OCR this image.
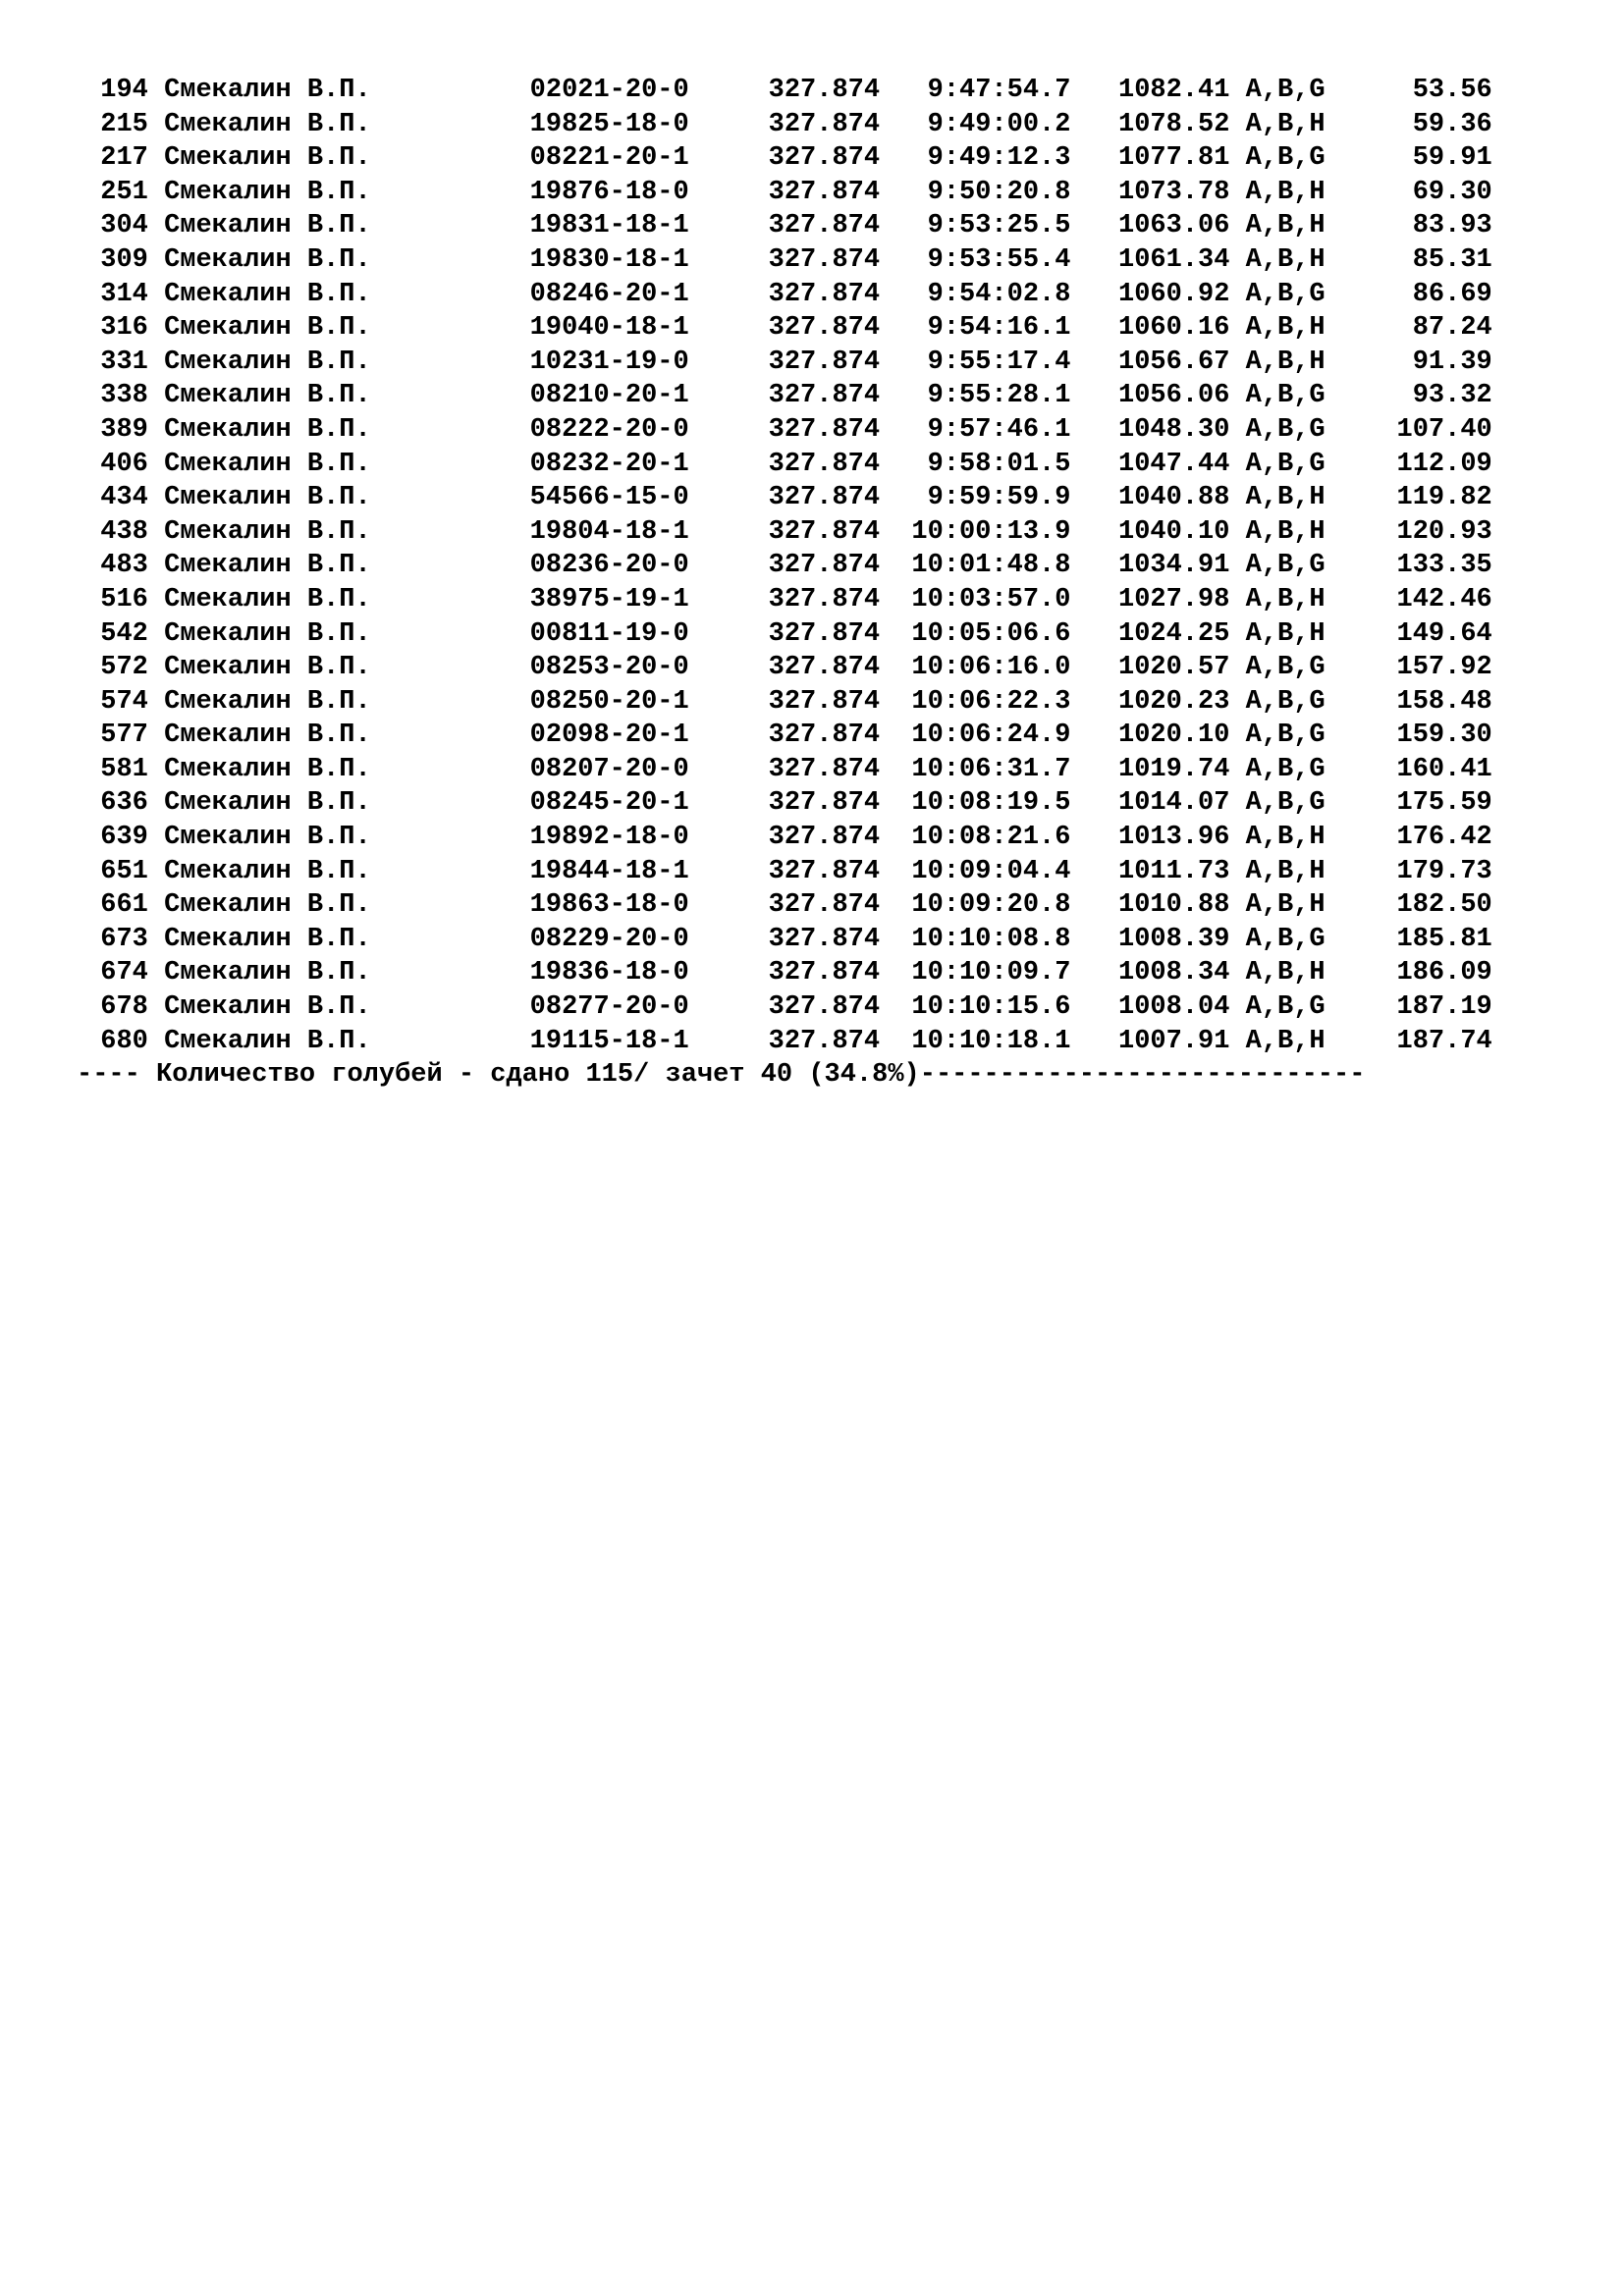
194 Смекалин В.П.	02021-20-0	327.874 9:47:54.7 1082.41 A,B,G	53.56
215 Смекалин В.П.	19825-18-0	327.874 9:49:00.2 1078.52 A,B,H	59.36
217 Смекалин В.П.	08221-20-1	327.874 9:49:12.3 1077.81 A,B,G	59.91
251 Смекалин В.П.	19876-18-0	327.874 9:50:20.8 1073.78 A,B,H	69.30
304 Смекалин В.П.	19831-18-1	327.874 9:53:25.5 1063.06 A,B,H	83.93
309 Смекалин В.П.	19830-18-1	327.874 9:53:55.4 1061.34 A,B,H	85.31
314 Смекалин В.П.	08246-20-1	327.874 9:54:02.8 1060.92 A,B,G	86.69
316 Смекалин В.П.	19040-18-1	327.874 9:54:16.1 1060.16 A,B,H	87.24
331 Смекалин В.П.	10231-19-0	327.874 9:55:17.4 1056.67 A,B,H	91.39
338 Смекалин В.П.	08210-20-1	327.874 9:55:28.1 1056.06 A,B,G	93.32
389 Смекалин В.П.	08222-20-0	327.874 9:57:46.1 1048.30 A,B,G	107.40
406 Смекалин В.П.	08232-20-1	327.874 9:58:01.5 1047.44 A,B,G	112.09
434 Смекалин В.П.	54566-15-0	327.874 9:59:59.9 1040.88 A,B,H	119.82
438 Смекалин В.П.	19804-18-1	327.874 10:00:13.9 1040.10 A,B,H	120.93
483 Смекалин В.П.	08236-20-0	327.874 10:01:48.8 1034.91 A,B,G	133.35
516 Смекалин В.П.	38975-19-1	327.874 10:03:57.0 1027.98 A,B,H	142.46
542 Смекалин В.П.	00811-19-0	327.874 10:05:06.6 1024.25 A,B,H	149.64
572 Смекалин В.П.	08253-20-0	327.874 10:06:16.0 1020.57 A,B,G	157.92
574 Смекалин В.П.	08250-20-1	327.874 10:06:22.3 1020.23 A,B,G	158.48
577 Смекалин В.П.	02098-20-1	327.874 10:06:24.9 1020.10 A,B,G	159.30
581 Смекалин В.П.	08207-20-0	327.874 10:06:31.7 1019.74 A,B,G	160.41
636 Смекалин В.П.	08245-20-1	327.874 10:08:19.5 1014.07 A,B,G	175.59
639 Смекалин В.П.	19892-18-0	327.874 10:08:21.6 1013.96 A,B,H	176.42
651 Смекалин В.П.	19844-18-1	327.874 10:09:04.4 1011.73 A,B,H	179.73
661 Смекалин В.П.	19863-18-0	327.874 10:09:20.8 1010.88 A,B,H	182.50
673 Смекалин В.П.	08229-20-0	327.874 10:10:08.8 1008.39 A,B,G	185.81
674 Смекалин В.П.	19836-18-0	327.874 10:10:09.7 1008.34 A,B,H	186.09
678 Смекалин В.П.	08277-20-0	327.874 10:10:15.6 1008.04 A,B,G	187.19
680 Смекалин В.П.	19115-18-1	327.874 10:10:18.1 1007.91 A,B,H	187.74
---- Количество голубей - сдано 115/ зачет 40 (34.8%)----------------------------
